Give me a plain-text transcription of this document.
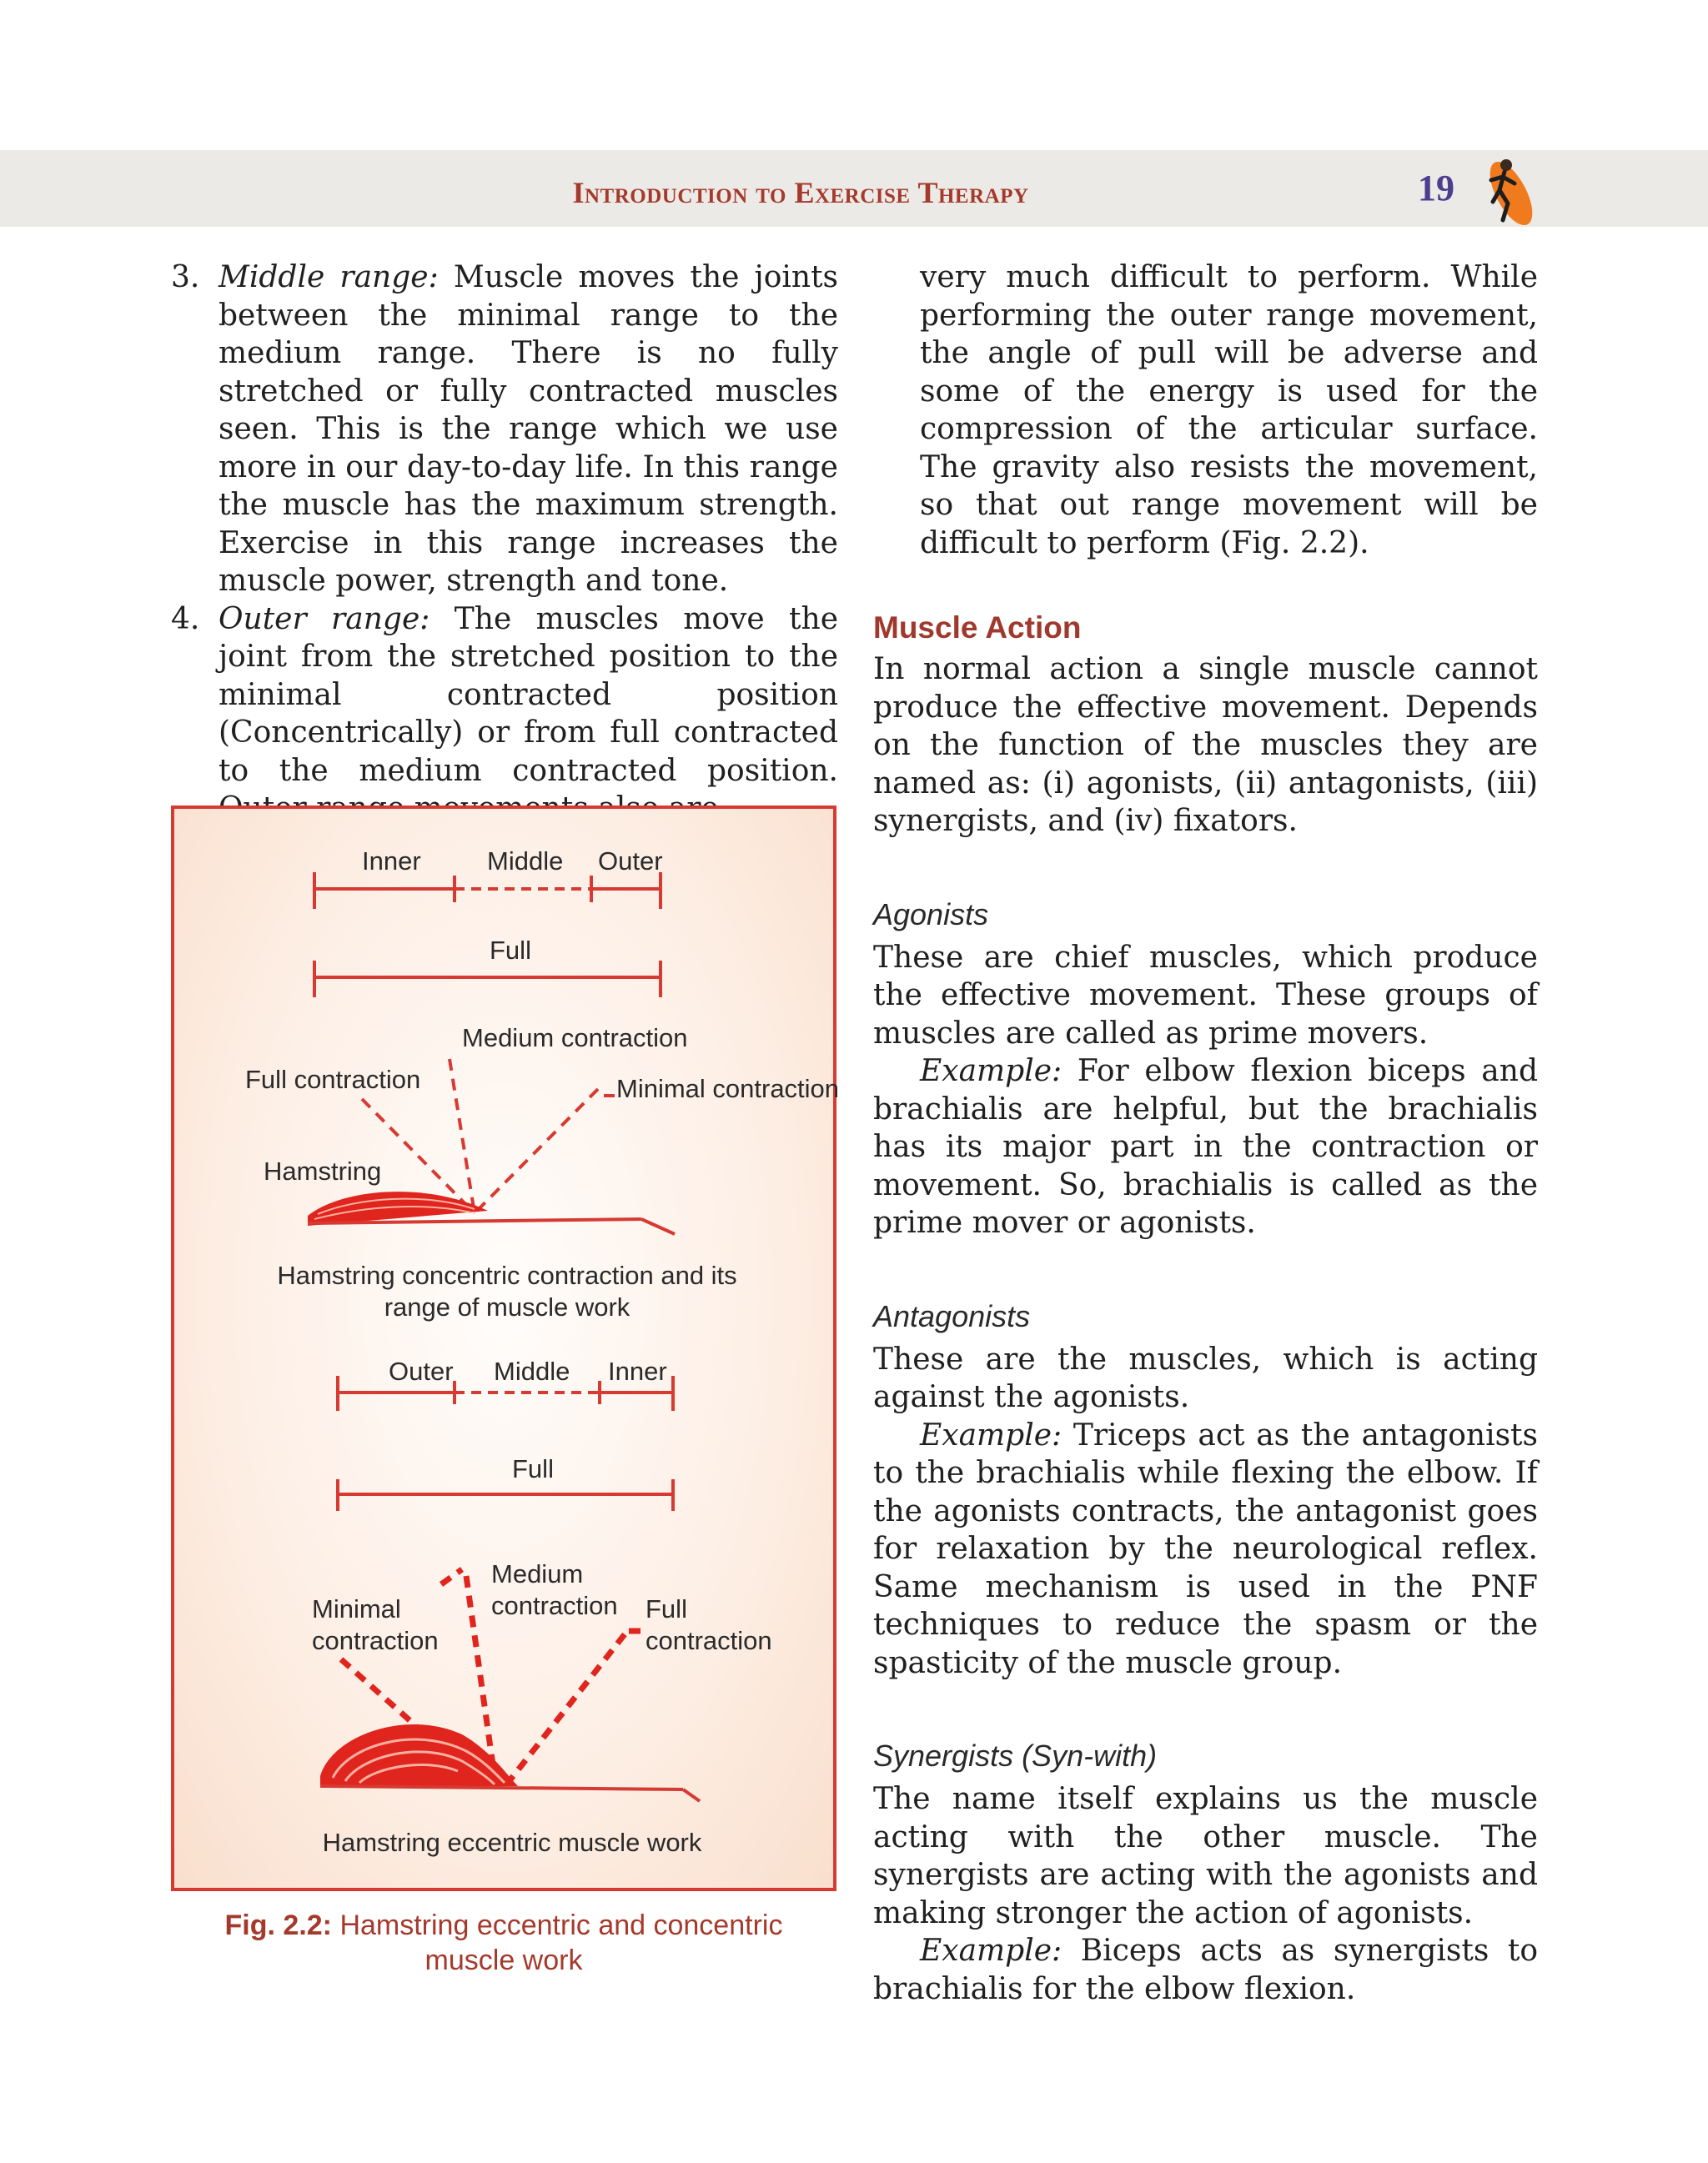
Introduction to Exercise Therapy	19

3. Middle range: Muscle moves the joints between the minimal range to the medium range. There is no fully stretched or fully contracted muscles seen. This is the range which we use more in our day-to-day life. In this range the muscle has the maximum strength. Exercise in this range increases the muscle power, strength and tone.

4. Outer range: The muscles move the joint from the stretched position to the minimal contracted position (Concentrically) or from full contracted to the medium contracted position.

Inner	Middle Outer
Full
Medium contraction
Full contraction	Minimal contraction
Hamstring
Hamstring concentric contraction and its
range of muscle work
Outer Middle Inner
Full
Medium
contraction
Minimal
contraction
Full
contraction
Hamstring eccentric muscle work
Fig. 2.2: Hamstring eccentric and concentric
muscle work

very much difficult to perform. While performing the outer range movement, the angle of pull will be adverse and some of the energy is used for the compression of the articular surface. The gravity also resists the movement, so that out range movement will be difficult to perform (Fig. 2.2).

Muscle Action

In normal action a single muscle cannot produce the effective movement. Depends on the function of the muscles they are named as: (i) agonists, (ii) antagonists, (iii) synergists, and (iv) fixators.

Agonists

These are chief muscles, which produce the effective movement. These groups of muscles are called as prime movers.

Example: For elbow flexion biceps and brachialis are helpful, but the brachialis has its major part in the contraction or movement. So, brachialis is called as the prime mover or agonists.

Antagonists

These are the muscles, which is acting against the agonists.

Example: Triceps act as the antagonists to the brachialis while flexing the elbow. If the agonists contracts, the antagonist goes for relaxation by the neurological reflex. Same mechanism is used in the PNF techniques to reduce the spasm or the spasticity of the muscle group.

Synergists (Syn-with)

The name itself explains us the muscle acting with the other muscle. The synergists are acting with the agonists and making stronger the action of agonists.

Example: Biceps acts as synergists to brachialis for the elbow flexion.
